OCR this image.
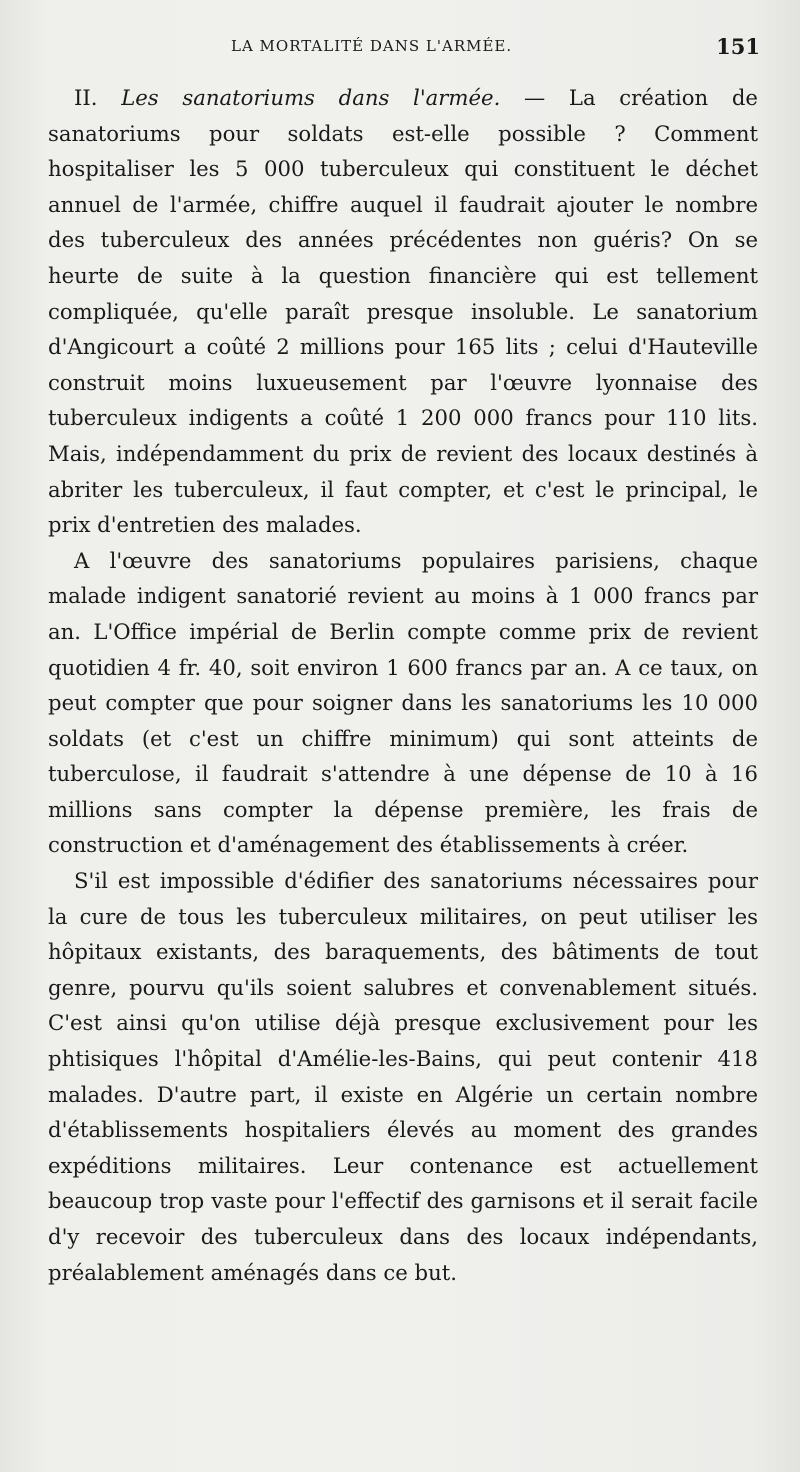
LA MORTALITÉ DANS L'ARMÉE.	151

II. Les sanatoriums dans l'armée. — La création de sanatoriums pour soldats est-elle possible ? Comment hospitaliser les 5 000 tuberculeux qui constituent le déchet annuel de l'armée, chiffre auquel il faudrait ajouter le nombre des tuberculeux des années précédentes non guéris? On se heurte de suite à la question financière qui est tellement compliquée, qu'elle paraît presque insoluble. Le sanatorium d'Angicourt a coûté 2 millions pour 165 lits ; celui d'Hauteville construit moins luxueusement par l'œuvre lyonnaise des tuberculeux indigents a coûté 1 200 000 francs pour 110 lits. Mais, indépendamment du prix de revient des locaux destinés à abriter les tuberculeux, il faut compter, et c'est le principal, le prix d'entretien des malades.

A l'œuvre des sanatoriums populaires parisiens, chaque malade indigent sanatorié revient au moins à 1 000 francs par an. L'Office impérial de Berlin compte comme prix de revient quotidien 4 fr. 40, soit environ 1 600 francs par an. A ce taux, on peut compter que pour soigner dans les sanatoriums les 10 000 soldats (et c'est un chiffre minimum) qui sont atteints de tuberculose, il faudrait s'attendre à une dépense de 10 à 16 millions sans compter la dépense première, les frais de construction et d'aménagement des établissements à créer.

S'il est impossible d'édifier des sanatoriums nécessaires pour la cure de tous les tuberculeux militaires, on peut utiliser les hôpitaux existants, des baraquements, des bâtiments de tout genre, pourvu qu'ils soient salubres et convenablement situés. C'est ainsi qu'on utilise déjà presque exclusivement pour les phtisiques l'hôpital d'Amélie-les-Bains, qui peut contenir 418 malades. D'autre part, il existe en Algérie un certain nombre d'établissements hospitaliers élevés au moment des grandes expéditions militaires. Leur contenance est actuellement beaucoup trop vaste pour l'effectif des garnisons et il serait facile d'y recevoir des tuberculeux dans des locaux indépendants, préalablement aménagés dans ce but.
